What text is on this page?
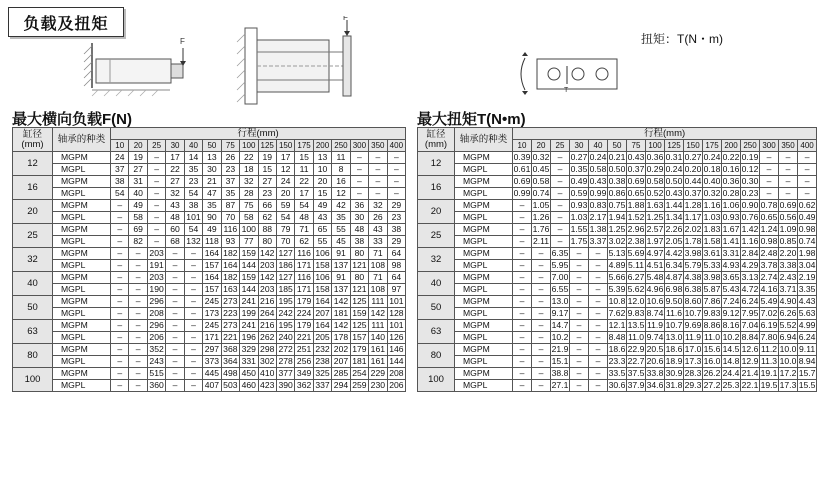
负载及扭矩
F
F
扭矩：T(N・m)
T
最大横向负载F(N)	最大扭矩T(N•m)
缸径
(mm)	轴承的种类	行程(mm)															
		10	20	25	30	40	50	75	100	125	150	175	200	250	300	350	400
12	MGPM	24	19	–	17	14	13	26	22	19	17	15	13	11	–	–	–
	MGPL	37	27	–	22	35	30	23	18	15	12	11	10	8	–	–	–
16	MGPM	38	31	–	27	23	21	37	32	27	24	22	20	16	–	–	–
	MGPL	54	40	–	32	54	47	35	28	23	20	17	15	12	–	–	–
20	MGPM	–	49	–	43	38	35	87	75	66	59	54	49	42	36	32	29
	MGPL	–	58	–	48	101	90	70	58	62	54	48	43	35	30	26	23
25	MGPM	–	69	–	60	54	49	116	100	88	79	71	65	55	48	43	38
	MGPL	–	82	–	68	132	118	93	77	80	70	62	55	45	38	33	29
32	MGPM	–	–	203	–	–	164	182	159	142	127	116	106	91	80	71	64
	MGPL	–	–	191	–	–	157	164	144	203	186	171	158	137	121	108	98
40	MGPM	–	–	203	–	–	164	182	159	142	127	116	106	91	80	71	64
	MGPL	–	–	190	–	–	157	163	144	203	185	171	158	137	121	108	97
50	MGPM	–	–	296	–	–	245	273	241	216	195	179	164	142	125	111	101
	MGPL	–	–	208	–	–	173	223	199	264	242	224	207	181	159	142	128
63	MGPM	–	–	296	–	–	245	273	241	216	195	179	164	142	125	111	101
	MGPL	–	–	206	–	–	171	221	196	262	240	221	205	178	157	140	126
80	MGPM	–	–	352	–	–	297	368	329	298	272	251	232	202	179	161	146
	MGPL	–	–	243	–	–	373	364	331	302	278	256	238	207	181	161	144
100	MGPM	–	–	515	–	–	445	498	450	410	377	349	325	285	254	229	208
	MGPL	–	–	360	–	–	407	503	460	423	390	362	337	294	259	230	206
缸径
(mm)	轴承的种类	行程(mm)															
		10	20	25	30	40	50	75	100	125	150	175	200	250	300	350	400
12	MGPM	0.39	0.32	–	0.27	0.24	0.21	0.43	0.36	0.31	0.27	0.24	0.22	0.19	–	–	–
	MGPL	0.61	0.45	–	0.35	0.58	0.50	0.37	0.29	0.24	0.20	0.18	0.16	0.12	–	–	–
16	MGPM	0.69	0.58	–	0.49	0.43	0.38	0.69	0.58	0.50	0.44	0.40	0.36	0.30	–	–	–
	MGPL	0.99	0.74	–	0.59	0.99	0.86	0.65	0.52	0.43	0.37	0.32	0.28	0.23	–	–	–
20	MGPM	–	1.05	–	0.93	0.83	0.75	1.88	1.63	1.44	1.28	1.16	1.06	0.90	0.78	0.69	0.62
	MGPL	–	1.26	–	1.03	2.17	1.94	1.52	1.25	1.34	1.17	1.03	0.93	0.76	0.65	0.56	0.49
25	MGPM	–	1.76	–	1.55	1.38	1.25	2.96	2.57	2.26	2.02	1.83	1.67	1.42	1.24	1.09	0.98
	MGPL	–	2.11	–	1.75	3.37	3.02	2.38	1.97	2.05	1.78	1.58	1.41	1.16	0.98	0.85	0.74
32	MGPM	–	–	6.35	–	–	5.13	5.69	4.97	4.42	3.98	3.61	3.31	2.84	2.48	2.20	1.98
	MGPL	–	–	5.95	–	–	4.89	5.11	4.51	6.34	5.79	5.33	4.93	4.29	3.78	3.38	3.04
40	MGPM	–	–	7.00	–	–	5.66	6.27	5.48	4.87	4.38	3.98	3.65	3.13	2.74	2.43	2.19
	MGPL	–	–	6.55	–	–	5.39	5.62	4.96	6.98	6.38	5.87	5.43	4.72	4.16	3.71	3.35
50	MGPM	–	–	13.0	–	–	10.8	12.0	10.6	9.50	8.60	7.86	7.24	6.24	5.49	4.90	4.43
	MGPL	–	–	9.17	–	–	7.62	9.83	8.74	11.6	10.7	9.83	9.12	7.95	7.02	6.26	5.63
63	MGPM	–	–	14.7	–	–	12.1	13.5	11.9	10.7	9.69	8.86	8.16	7.04	6.19	5.52	4.99
	MGPL	–	–	10.2	–	–	8.48	11.0	9.74	13.0	11.9	11.0	10.2	8.84	7.80	6.94	6.24
80	MGPM	–	–	21.9	–	–	18.6	22.9	20.5	18.6	17.0	15.6	14.5	12.6	11.2	10.0	9.11
	MGPL	–	–	15.1	–	–	23.3	22.7	20.6	18.9	17.3	16.0	14.8	12.9	11.3	10.0	8.94
100	MGPM	–	–	38.8	–	–	33.5	37.5	33.8	30.9	28.3	26.2	24.4	21.4	19.1	17.2	15.7
	MGPL	–	–	27.1	–	–	30.6	37.9	34.6	31.8	29.3	27.2	25.3	22.1	19.5	17.3	15.5
